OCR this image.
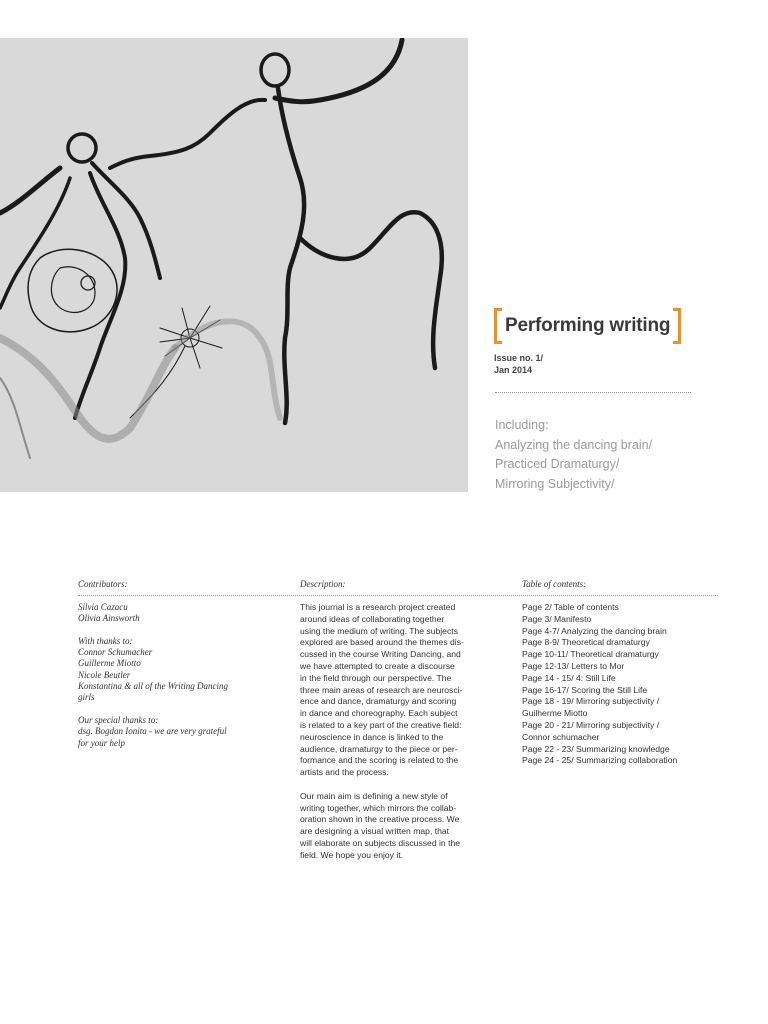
Performing writing
Issue no. 1/
Jan 2014
Including:
Analyzing the dancing brain/
Practiced Dramaturgy/
Mirroring Subjectivity/
Contributors:	Description:	Table of contents:

Silvia Cazacu

Olivia Ainsworth

With thanks to:

Connor Schumacher

Guillerme Miotto

Nicole Beutler

Konstantina & all of the Writing Dancing

girls

Our special thanks to:

dsg. Bogdan Ionita - we are very grateful

for your help

This journal is a research project created
around ideas of collaborating together
using the medium of writing. The subjects
explored are based around the themes dis-
cussed in the course Writing Dancing, and
we have attempted to create a discourse
in the field through our perspective. The
three main areas of research are neurosci-
ence and dance, dramaturgy and scoring
in dance and choreography. Each subject
is related to a key part of the creative field:
neuroscience in dance is linked to the
audience, dramaturgy to the piece or per-
formance and the scoring is related to the
artists and the process.

Our main aim is defining a new style of
writing together, which mirrors the collab-
oration shown in the creative process. We
are designing a visual written map, that
will elaborate on subjects discussed in the
field. We hope you enjoy it.

Page 2/ Table of contents

Page 3/ Manifesto

Page 4-7/ Analyzing the dancing brain

Page 8-9/ Theoretical dramaturgy

Page 10-11/ Theoretical dramaturgy

Page 12-13/ Letters to Mor

Page 14 - 15/ 4: Still Life

Page 16-17/ Scoring the Still Life

Page 18 - 19/ Mirroring subjectivity /

Guilherme Miotto

Page 20 - 21/ Mirroring subjectivity /

Connor schumacher

Page 22 - 23/ Summarizing knowledge

Page 24 - 25/ Summarizing collaboration
